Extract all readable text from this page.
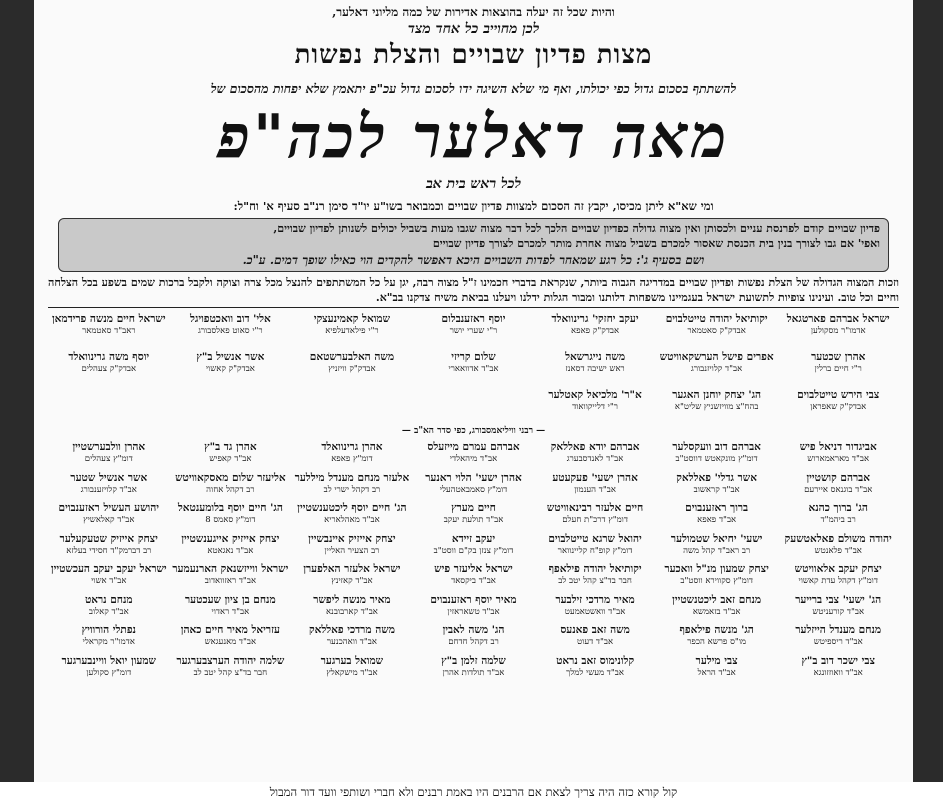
והיות שכל זה יעלה בהוצאות אדירות של כמה מליוני דאלער,
לכן מחוייב כל אחד מצד
מצות פדיון שבויים והצלת נפשות
להשתתף בסכום גדול כפי יכולתו, ואף מי שלא השיגה ידו לסכום גדול עכ"פ יתאמץ שלא יפחות מהסכום של
מאה דאלער לכה"פ
לכל ראש בית אב
ומי שא"א ליתן מכיסו, יקבץ זה הסכום למצוות פדיון שבויים וכמבואר בשו"ע יו"ד סימן רנ"ב סעיף א' וח"ל:
פדיון שבויים קודם לפרנסת עניים ולכסותן ואין מצוה גדולה כפדיון שבויים הלכך לכל דבר מצוה שגבו מעות בשביל יכולים לשנותן לפדיון שבויים,
ואפי' אם גבו לצורך בנין בית הכנסת שאסור למכרם בשביל מצוה אחרת מותר למכרם לצורך פדיון שבויים
ושם בסעיף ג': כל רגע שמאחר לפדות השבויים היכא דאפשר להקדים הוי כאילו שופך דמים. ע"כ.
וזכות המצוה הגדולה של הצלת נפשות ופדיון שבויים במדריגה הגבוה ביותר, שנקראת בדברי חכמינו ז"ל מצוה רבה, יגן על כל המשתתפים להנצל מכל צרה וצוקה ולקבל ברכות שמים בשפע בכל הצלחה וחיים וכל טוב. ועינינו צופיות לתשועת ישראל בעגמיינו משפחות דלותנו ומבור הגלות ידלנו ויעלנו בביאת משיח צדקנו בב"א.
ישראל אברהם פארטגאל
אדמו"ר מסקולען
יקותיאל יהודה טייטלבוים
אבדק"ק סאטמאר
יעקב יחזקי' גרינוואלד
אבדק"ק פאפא
יוסף ראזענבלום
ר"י שערי יושר
שמואל קאמינעצקי
ר"י פילאדעלפיא
אלי' דוב וואכטפויגל
ר"י סאוט פאלסבורג
ישראל חיים מנשה פרידמאן
ראב"ד סאטמאר
אהרן שכטער
ר"י חיים ברלין
אפרים פישל הערשקאוויטש
אב"ד קלויזנבורג
משה נייגרשאל
ראש ישיבה דסאנז
שלום קריזי
אב"ד אדוואארי
משה האלבערשטאם
אבדק"ק וויזניץ
אשר אנשיל ב"ץ
אבדק"ק קאשוי
יוסף משה גרינוואלד
אבדק"ק צעהלים
צבי הירש טייטלבוים
אבדק"ק שאפראן
הג' יצחק יוחנן האגער
בהח"צ מוויזשניץ שליט"א
א"ר' מלכיאל קאטלער
ר"י דלייקוואוד
— רבני וויליאמסבורג, כפי סדר הא"ב —
אביגדור דניאל פיש
אב"ד מאראמארוש
אברהם דוב וועקסלער
דומ"ץ מונקאטש דווסט"ב
אברהם יודא פאללאק
אב"ד לאנדסבערג
אברהם עמרם מייזעלס
אב"ד מיהאלדי
אהרן גרינוואלד
דומ"ץ פאפא
אהרן גד ב"ץ
אב"ד קאפיש
אהרן וולבערשטיין
דומ"ץ צעהלים
אברהם קושטיין
אב"ד בוגנאס איירעם
אשר גדלי' פאללאק
אב"ד קראשוב
אהרן ישעי' פעקעטע
אב"ד הענמון
אהרן ישעי' הלוי ראנער
דומ"ץ סאמבאטהעלי
אלעזר מנחם מענדל מיללער
רב דקהל ישרי לב
אליעזר שלום מאסקאוויטש
רב דקהל אחוה
אשר אנשיל שטער
אב"ד קלויזענבורג
הג' ברוך כהנא
רב ביהמ"ד
ברוך ראזענבוים
אב"ד פאפא
חיים אלעזר רבינאוויטש
דומ"ץ דרכ"ת חעלם
חיים מערץ
אב"ד תולעת יעקב
הג' חיים יוסף ליכטענשטיין
אב"ד מאהלאריא
הג' חיים יוסף בלומענטאל
דומ"ץ סאמס 8
יהושע העשיל ראזענבוים
אב"ד קאלאשיץ
יהודה משולם פאלאטשעק
אב"ד פלאנטש
ישעי' יחיאל שטמולער
רב ראב"ד קהל משה
יהואל שרגא טייטלבוים
דומ"ץ קופ"ח קליינוואר
יעקב זיידא
דומ"ץ צנזן בק"ם ווסט"ב
יצחק אייזיק איינבשיין
רב הצעיר האליין
יצחק אייזיק אייגענשטיין
אב"ד נאגאטא
יצחק אייזיק שטעקעלער
רב דברמק"ד חסידי בעלזא
יצחק יעקב אלאוויטש
דומ"ץ דקהל עדת קאשוי
יצחק שמעון מנ"ל וואכער
דומ"ץ סקווירא ווסט"ב
יקותיאל יהודה פילאפף
חבר בד"צ קהל יטב לב
ישראל אליעזר פיש
אב"ד ביקסאד
ישראל אלעזר האלפערן
אב"ד קאזינץ
ישראל ווייזשנאק הארנעמער
אב"ד ראזוואדוב
ישראל יעקב יעקב העכשטיין
אב"ד אשוי
הג' ישעי' צבי ברייער
אב"ד קורעניטש
מנחם זאב ליכטנשטיין
אב"ד בזאמשא
מאיר מרדכי זילבער
אב"ד וואשטאמעט
מאיר יוסף ראזענבוים
אב"ד טשאראזין
מאיר מנשה ליפשר
אב"ד קארבובנא
מנחם בן ציון שעכטער
אב"ד ראדוי
מנחם נראט
אב"ד קאלוב
מנחם מענדל הייזלער
אב"ד ריספיטש
הג' מנשה פילאפף
מו"ס פרשא הכפר
משה זאב פאנעס
אב"ד דעוט
הג' משה לאבין
רב דקהל חדחם
משה מרדכי פאללאק
אב"ד וואהכנער
עזריאל מאיר חיים כאהן
אב"ד מאנעגאש
נפתלי הורוויץ
אדמו"ר מקראלי
צבי ישכר דוב ב"ץ
אב"ד וואוזזונגא
צבי מילער
אב"ד הראל
קלונימוס זאב נראט
אב"ד מעשי למלך
שלמה זלמן ב"ץ
אב"ד תולדות אהרן
שמואל בערגער
אב"ד מישקאלץ
שלמה יהודה הערצבערגער
חבר בד"צ קהל יטב לב
שמעון יואל וויינבערגער
דומ"ץ סקולען
קול קורא כזה היה צריך לצאת אם הרבנים היו באמת רבנים ולא חברי ושותפי וועד דור המבול
